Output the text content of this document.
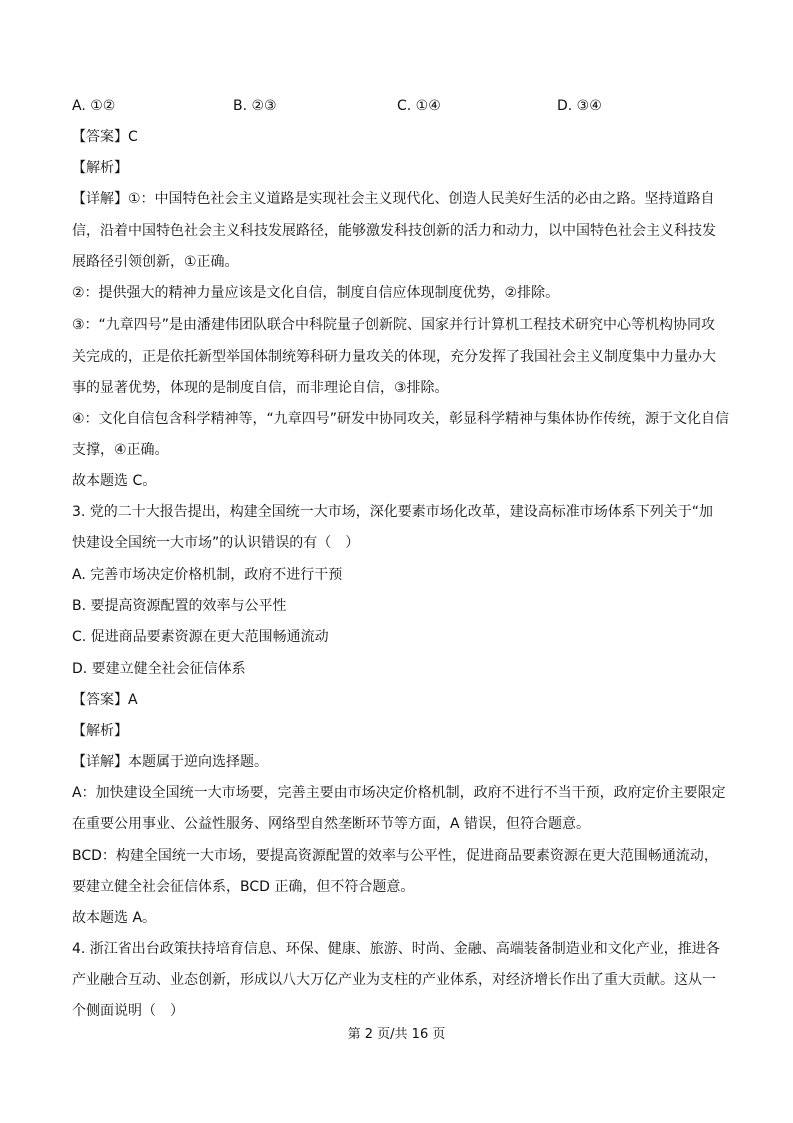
A. ①②	B. ②③	C. ①④	D. ③④
【答案】C
【解析】
【详解】①：中国特色社会主义道路是实现社会主义现代化、创造人民美好生活的必由之路。坚持道路自
信，沿着中国特色社会主义科技发展路径，能够激发科技创新的活力和动力，以中国特色社会主义科技发
展路径引领创新，①正确。
②：提供强大的精神力量应该是文化自信，制度自信应体现制度优势，②排除。
③：“九章四号”是由潘建伟团队联合中科院量子创新院、国家并行计算机工程技术研究中心等机构协同攻
关完成的，正是依托新型举国体制统筹科研力量攻关的体现，充分发挥了我国社会主义制度集中力量办大
事的显著优势，体现的是制度自信，而非理论自信，③排除。
④：文化自信包含科学精神等，“九章四号”研发中协同攻关，彰显科学精神与集体协作传统，源于文化自信
支撑，④正确。
故本题选 C。
3. 党的二十大报告提出，构建全国统一大市场，深化要素市场化改革，建设高标准市场体系下列关于“加
快建设全国统一大市场”的认识错误的有（　）
A. 完善市场决定价格机制，政府不进行干预
B. 要提高资源配置的效率与公平性
C. 促进商品要素资源在更大范围畅通流动
D. 要建立健全社会征信体系
【答案】A
【解析】
【详解】本题属于逆向选择题。
A：加快建设全国统一大市场要，完善主要由市场决定价格机制，政府不进行不当干预，政府定价主要限定
在重要公用事业、公益性服务、网络型自然垄断环节等方面，A 错误，但符合题意。
BCD：构建全国统一大市场，要提高资源配置的效率与公平性，促进商品要素资源在更大范围畅通流动，
要建立健全社会征信体系，BCD 正确，但不符合题意。
故本题选 A。
4. 浙江省出台政策扶持培育信息、环保、健康、旅游、时尚、金融、高端装备制造业和文化产业，推进各
产业融合互动、业态创新，形成以八大万亿产业为支柱的产业体系，对经济增长作出了重大贡献。这从一
个侧面说明（　）
第 2 页/共 16 页
